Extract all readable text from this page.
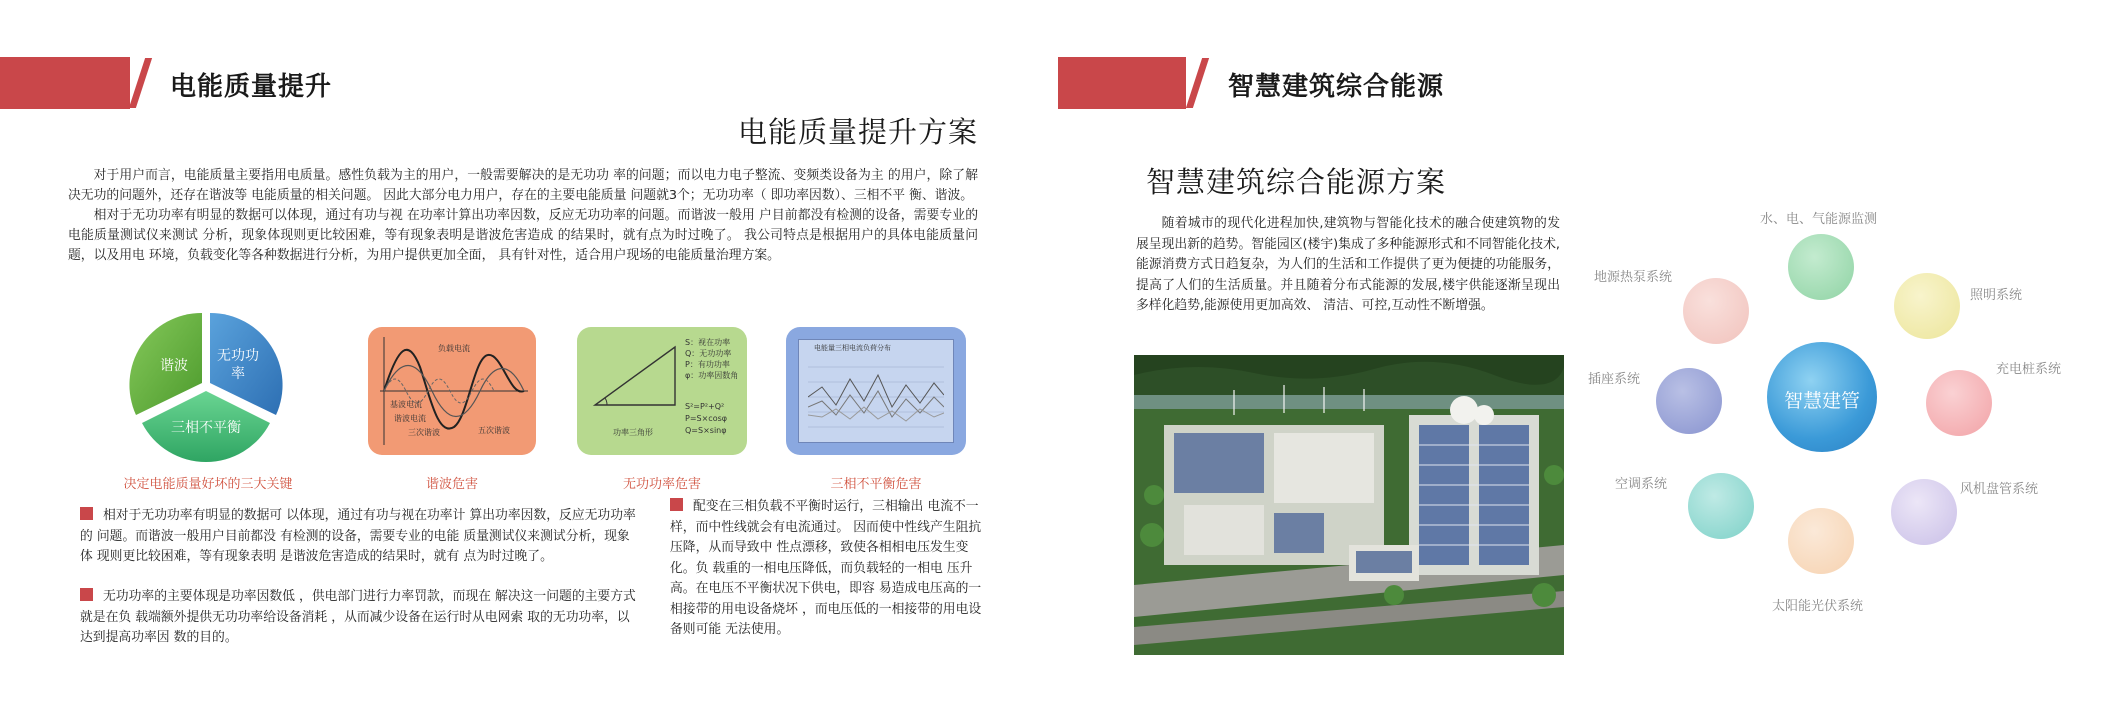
电能质量提升
电能质量提升方案

对于用户而言，电能质量主要指用电质量。感性负载为主的用户，一般需要解决的是无功功 率的问题；而以电力电子整流、变频类设备为主 的用户，除了解决无功的问题外，还存在谐波等 电能质量的相关问题。 因此大部分电力用户，存在的主要电能质量 问题就3个；无功功率（ 即功率因数）、三相不平 衡、谐波。

相对于无功功率有明显的数据可以体现，通过有功与视 在功率计算出功率因数，反应无功功率的问题。而谐波一般用 户目前都没有检测的设备，需要专业的电能质量测试仪来测试 分析，现象体现则更比较困难，等有现象表明是谐波危害造成 的结果时，就有点为时过晚了。 我公司特点是根据用户的具体电能质量问题，以及用电 环境，负载变化等各种数据进行分析，为用户提供更加全面， 具有针对性，适合用户现场的电能质量治理方案。

无功功率
三相不平衡
谐波
决定电能质量好坏的三大关键
负载电流
基波电流
谐波电流
三次谐波	五次谐波
谐波危害
S：视在功率
Q：无功功率
P：有功功率
φ：功率因数角
功率三角形
S²=P²+Q²
P=S×cosφ
Q=S×sinφ
无功功率危害
电能量三相电流负荷分布
三相不平衡危害
相对于无功功率有明显的数据可 以体现，通过有功与视在功率计 算出功率因数，反应无功功率的 问题。而谐波一般用户目前都没 有检测的设备，需要专业的电能 质量测试仪来测试分析，现象体 现则更比较困难，等有现象表明 是谐波危害造成的结果时，就有 点为时过晚了。
无功功率的主要体现是功率因数低 ，供电部门进行力率罚款，而现在 解决这一问题的主要方式就是在负 载端额外提供无功功率给设备消耗 ，从而减少设备在运行时从电网索 取的无功功率，以达到提高功率因 数的目的。
配变在三相负载不平衡时运行，三相输出 电流不一样，而中性线就会有电流通过。 因而使中性线产生阻抗压降，从而导致中 性点漂移，致使各相相电压发生变化。负 载重的一相电压降低，而负载轻的一相电 压升高。在电压不平衡状况下供电，即容 易造成电压高的一相接带的用电设备烧坏 ，而电压低的一相接带的用电设备则可能 无法使用。
智慧建筑综合能源
智慧建筑综合能源方案

随着城市的现代化进程加快,建筑物与智能化技术的融合使建筑物的发展呈现出新的趋势。智能园区(楼宇)集成了多种能源形式和不同智能化技术,能源消费方式日趋复杂，为人们的生活和工作提供了更为便捷的功能服务，提高了人们的生活质量。并且随着分布式能源的发展,楼宇供能逐渐呈现出多样化趋势,能源使用更加高效、 清洁、可控,互动性不断增强。

智慧建管
水、电、气能源监测
照明系统
充电桩系统
风机盘管系统
太阳能光伏系统
空调系统
插座系统
地源热泵系统
